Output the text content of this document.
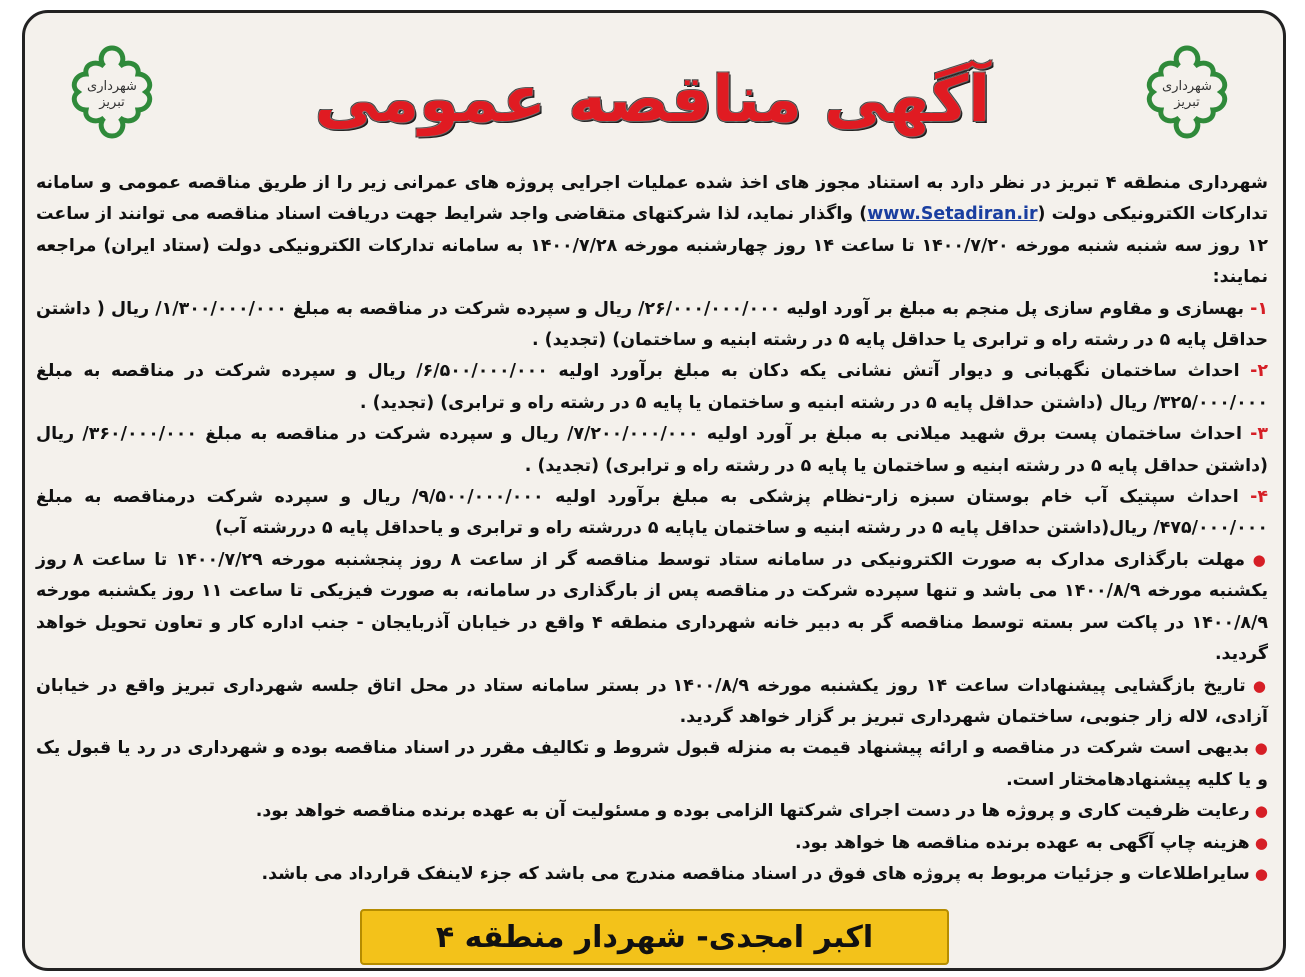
شهرداری
تبریز
شهرداری
تبریز	آگهی مناقصه عمومی

شهرداری منطقه ۴ تبریز در نظر دارد به استناد مجوز های اخذ شده عملیات اجرایی پروژه های عمرانی زیر را از طریق مناقصه عمومی و سامانه تدارکات الکترونیکی دولت (www.Setadiran.ir) واگذار نماید، لذا شرکتهای متقاضی واجد شرایط جهت دریافت اسناد مناقصه می توانند از ساعت ۱۲ روز سه شنبه شنبه مورخه ۱۴۰۰/۷/۲۰ تا ساعت ۱۴ روز چهارشنبه مورخه ۱۴۰۰/۷/۲۸ به سامانه تدارکات الکترونیکی دولت (ستاد ایران) مراجعه نمایند:

۱- بهسازی و مقاوم سازی پل منجم به مبلغ بر آورد اولیه ۲۶/۰۰۰/۰۰۰/۰۰۰/ ریال و سپرده شرکت در مناقصه به مبلغ ۱/۳۰۰/۰۰۰/۰۰۰/ ریال ( داشتن حداقل پایه ۵ در رشته راه و ترابری یا حداقل پایه ۵ در رشته ابنیه و ساختمان) (تجدید) .

۲- احداث ساختمان نگهبانی و دیوار آتش نشانی یکه دکان به مبلغ برآورد اولیه ۶/۵۰۰/۰۰۰/۰۰۰/ ریال و سپرده شرکت در مناقصه به مبلغ ۳۲۵/۰۰۰/۰۰۰/ ریال (داشتن حداقل پایه ۵ در رشته ابنیه و ساختمان یا پایه ۵ در رشته راه و ترابری) (تجدید) .

۳- احداث ساختمان پست برق شهید میلانی به مبلغ بر آورد اولیه ۷/۲۰۰/۰۰۰/۰۰۰/ ریال و سپرده شرکت در مناقصه به مبلغ ۳۶۰/۰۰۰/۰۰۰/ ریال (داشتن حداقل پایه ۵ در رشته ابنیه و ساختمان یا پایه ۵ در رشته راه و ترابری) (تجدید) .

۴- احداث سپتیک آب خام بوستان سبزه زار-نظام پزشکی به مبلغ برآورد اولیه ۹/۵۰۰/۰۰۰/۰۰۰/ ریال و سپرده شرکت درمناقصه به مبلغ ۴۷۵/۰۰۰/۰۰۰/ ریال(داشتن حداقل پایه ۵ در رشته ابنیه و ساختمان یاپایه ۵ دررشته راه و ترابری و یاحداقل پایه ۵ دررشته آب)

● مهلت بارگذاری مدارک به صورت الکترونیکی در سامانه ستاد توسط مناقصه گر از ساعت ۸ روز پنجشنبه مورخه ۱۴۰۰/۷/۲۹ تا ساعت ۸ روز یکشنبه مورخه ۱۴۰۰/۸/۹ می باشد و تنها سپرده شرکت در مناقصه پس از بارگذاری در سامانه، به صورت فیزیکی تا ساعت ۱۱ روز یکشنبه مورخه ۱۴۰۰/۸/۹ در پاکت سر بسته توسط مناقصه گر به دبیر خانه شهرداری منطقه ۴ واقع در خیابان آذربایجان - جنب اداره کار و تعاون تحویل خواهد گردید.

● تاریخ بازگشایی پیشنهادات ساعت ۱۴ روز یکشنبه مورخه ۱۴۰۰/۸/۹ در بستر سامانه ستاد در محل اتاق جلسه شهرداری تبریز واقع در خیابان آزادی، لاله زار جنوبی، ساختمان شهرداری تبریز بر گزار خواهد گردید.

● بدیهی است شرکت در مناقصه و ارائه پیشنهاد قیمت به منزله قبول شروط و تکالیف مقرر در اسناد مناقصه بوده و شهرداری در رد یا قبول یک و یا کلیه پیشنهادهامختار است.

● رعایت ظرفیت کاری و پروژه ها در دست اجرای شرکتها الزامی بوده و مسئولیت آن به عهده برنده مناقصه خواهد بود.

● هزینه چاپ آگهی به عهده برنده مناقصه ها خواهد بود.

● سایراطلاعات و جزئیات مربوط به پروژه های فوق در اسناد مناقصه مندرج می باشد که جزء لاینفک قرارداد می باشد.

اکبر امجدی- شهردار منطقه ۴
